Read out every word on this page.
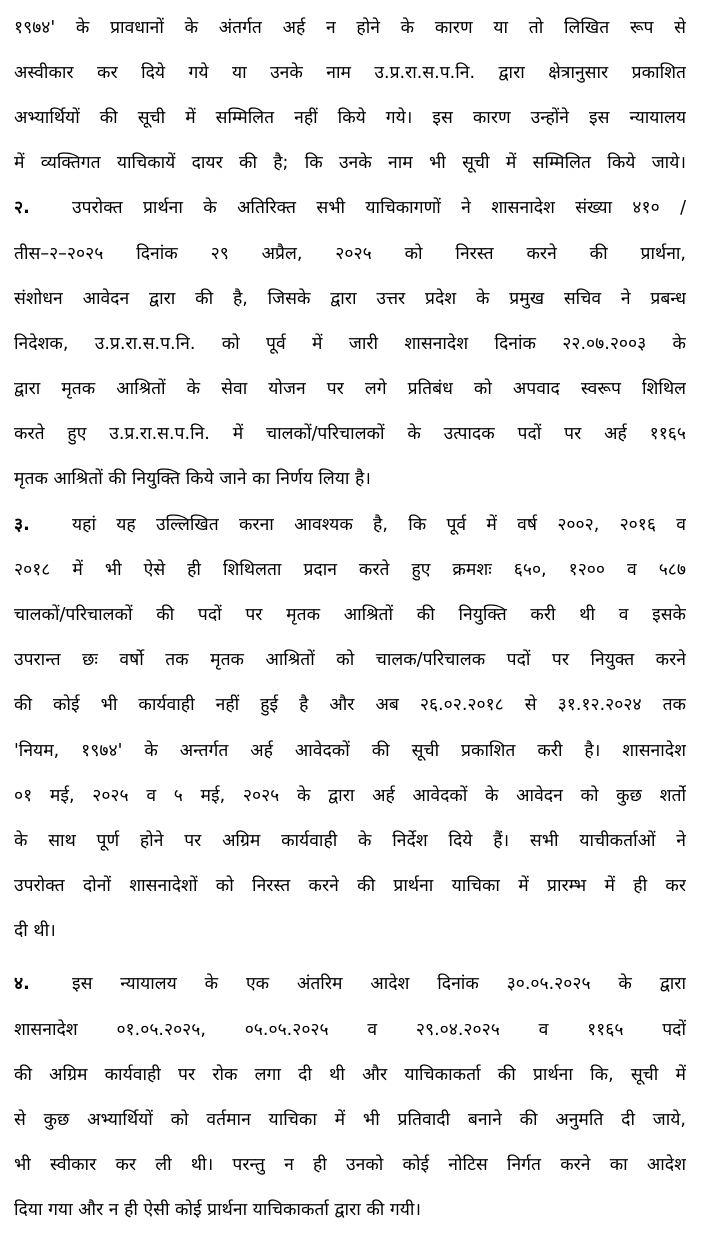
१९७४' के प्रावधानों के अंतर्गत अर्ह न होने के कारण या तो लिखित रूप से
अस्वीकार कर दिये गये या उनके नाम उ.प्र.रा.स.प.नि. द्वारा क्षेत्रानुसार प्रकाशित
अभ्यार्थियों की सूची में सम्मिलित नहीं किये गये। इस कारण उन्होंने इस न्यायालय
में व्यक्तिगत याचिकायें दायर की है; कि उनके नाम भी सूची में सम्मिलित किये जाये।
२.	उपरोक्त प्रार्थना के अतिरिक्त सभी याचिकागणों ने शासनादेश संख्या ४१० /
तीस–२–२०२५ दिनांक २९ अप्रैल, २०२५ को निरस्त करने की प्रार्थना,
संशोधन आवेदन द्वारा की है, जिसके द्वारा उत्तर प्रदेश के प्रमुख सचिव ने प्रबन्ध
निदेशक, उ.प्र.रा.स.प.नि. को पूर्व में जारी शासनादेश दिनांक २२.०७.२००३ के
द्वारा मृतक आश्रितों के सेवा योजन पर लगे प्रतिबंध को अपवाद स्वरूप शिथिल
करते हुए उ.प्र.रा.स.प.नि. में चालकों/परिचालकों के उत्पादक पदों पर अर्ह ११६५
मृतक आश्रितों की नियुक्ति किये जाने का निर्णय लिया है।
३.	यहां यह उल्लिखित करना आवश्यक है, कि पूर्व में वर्ष २००२, २०१६ व
२०१८ में भी ऐसे ही शिथिलता प्रदान करते हुए क्रमशः ६५०, १२०० व ५८७
चालकों/परिचालकों की पदों पर मृतक आश्रितों की नियुक्ति करी थी व इसके
उपरान्त छः वर्षो तक मृतक आश्रितों को चालक/परिचालक पदों पर नियुक्त करने
की कोई भी कार्यवाही नहीं हुई है और अब २६.०२.२०१८ से ३१.१२.२०२४ तक
'नियम, १९७४' के अन्तर्गत अर्ह आवेदकों की सूची प्रकाशित करी है। शासनादेश
०१ मई, २०२५ व ५ मई, २०२५ के द्वारा अर्ह आवेदकों के आवेदन को कुछ शर्तो
के साथ पूर्ण होने पर अग्रिम कार्यवाही के निर्देश दिये हैं। सभी याचीकर्ताओं ने
उपरोक्त दोनों शासनादेशों को निरस्त करने की प्रार्थना याचिका में प्रारम्भ में ही कर
दी थी।
४.	इस न्यायालय के एक अंतरिम आदेश दिनांक ३०.०५.२०२५ के द्वारा
शासनादेश ०१.०५.२०२५, ०५.०५.२०२५ व २९.०४.२०२५ व ११६५ पदों
की अग्रिम कार्यवाही पर रोक लगा दी थी और याचिकाकर्ता की प्रार्थना कि, सूची में
से कुछ अभ्यार्थियों को वर्तमान याचिका में भी प्रतिवादी बनाने की अनुमति दी जाये,
भी स्वीकार कर ली थी। परन्तु न ही उनको कोई नोटिस निर्गत करने का आदेश
दिया गया और न ही ऐसी कोई प्रार्थना याचिकाकर्ता द्वारा की गयी।
